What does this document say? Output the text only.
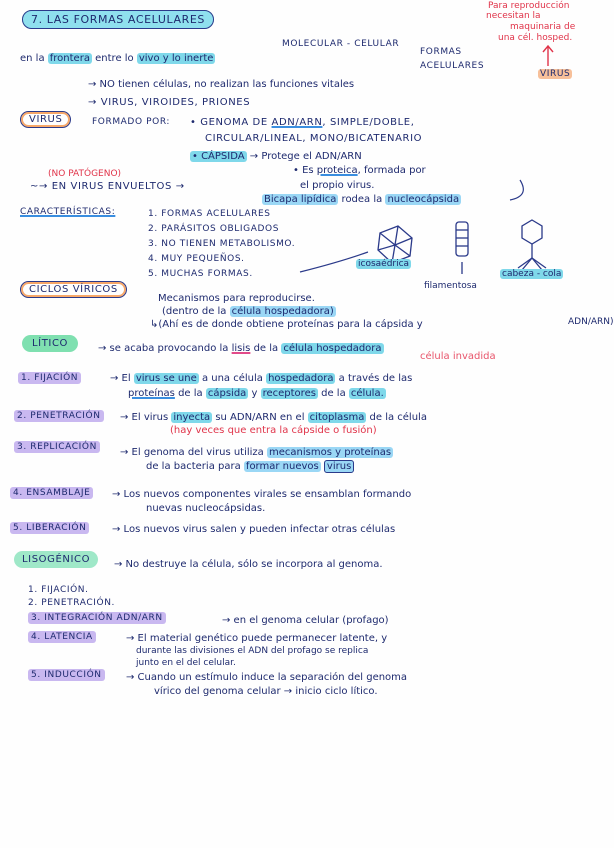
7. LAS FORMAS ACELULARES
Para reproducción
necesitan la
maquinaria de
una cél. hosped.
MOLECULAR - CELULAR
en la frontera entre lo vivo y lo inerte
FORMAS
ACELULARES
VIRUS
→ NO tienen células, no realizan las funciones vitales
→ VIRUS, VIROIDES, PRIONES
VIRUS	FORMADO POR: • GENOMA DE ADN/ARN, SIMPLE/DOBLE,
CIRCULAR/LINEAL, MONO/BICATENARIO
• CÁPSIDA → Protege el ADN/ARN
• Es proteica, formada por
el propio virus.
(NO PATÓGENO)
~→ EN VIRUS ENVUELTOS →
Bicapa lipídica rodea la nucleocápsida
CARACTERÍSTICAS:	1. FORMAS ACELULARES
2. PARÁSITOS OBLIGADOS
3. NO TIENEN METABOLISMO.
4. MUY PEQUEÑOS.
5. MUCHAS FORMAS.
icosaédrica
filamentosa
cabeza - cola
CICLOS VÍRICOS
Mecanismos para reproducirse.
(dentro de la célula hospedadora)
↳(Ahí es de donde obtiene proteínas para la cápsida y	ADN/ARN)
LÍTICO	→ se acaba provocando la lisis de la célula hospedadora
célula invadida
1. FIJACIÓN	→ El virus se une a una célula hospedadora a través de las
proteínas de la cápsida y receptores de la célula.
2. PENETRACIÓN	→ El virus inyecta su ADN/ARN en el citoplasma de la célula
(hay veces que entra la cápside o fusión)
3. REPLICACIÓN	→ El genoma del virus utiliza mecanismos y proteínas
de la bacteria para formar nuevos virus
4. ENSAMBLAJE	→ Los nuevos componentes virales se ensamblan formando
nuevas nucleocápsidas.
5. LIBERACIÓN	→ Los nuevos virus salen y pueden infectar otras células
LISOGÉNICO	→ No destruye la célula, sólo se incorpora al genoma.
1. FIJACIÓN.
2. PENETRACIÓN.
3. INTEGRACIÓN ADN/ARN	→ en el genoma celular (profago)
4. LATENCIA	→ El material genético puede permanecer latente, y
durante las divisiones el ADN del profago se replica
junto en el del celular.
5. INDUCCIÓN	→ Cuando un estímulo induce la separación del genoma
vírico del genoma celular → inicio ciclo lítico.
